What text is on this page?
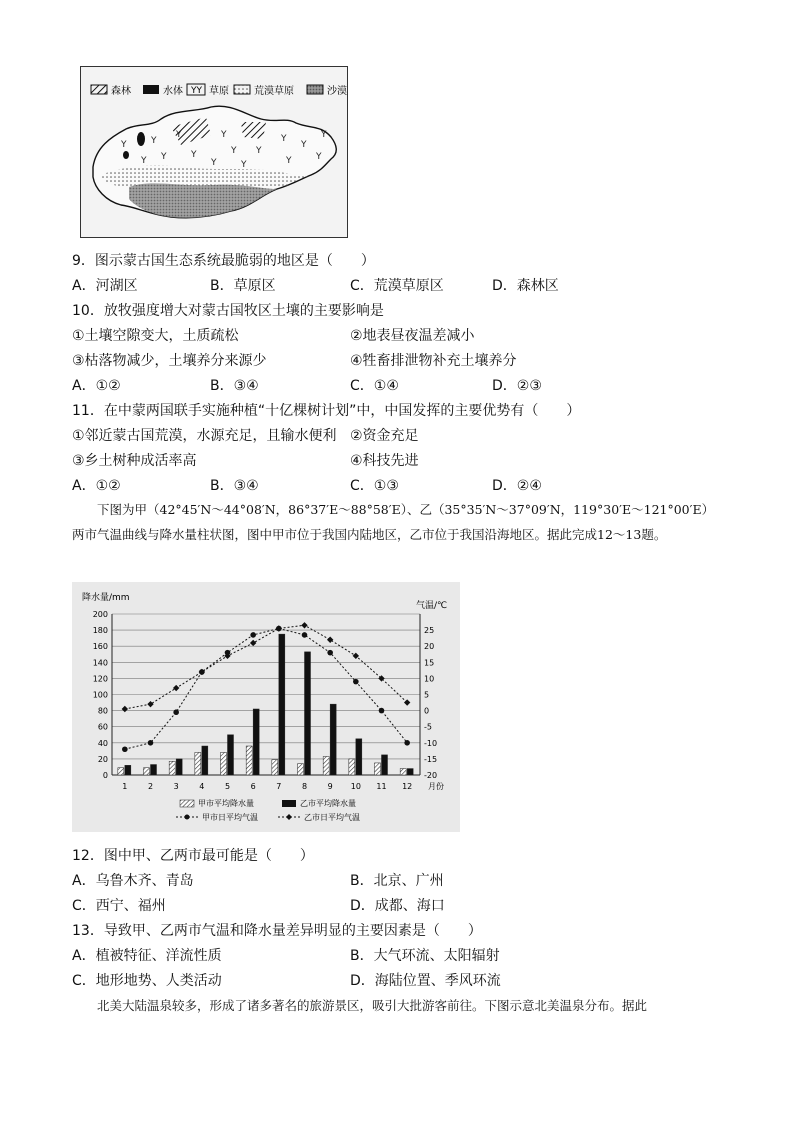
森林	水体 YY 草原	荒漠草原	沙漠
Y	Y
Y	Y
Y
Y Y
Y
Y
Y
Y
Y
Y
Y	Y
Y
9．图示蒙古国生态系统最脆弱的地区是（　　）
A．河湖区	B．草原区	C．荒漠草原区	D．森林区
10．放牧强度增大对蒙古国牧区土壤的主要影响是
①土壤空隙变大，土质疏松	②地表昼夜温差减小
③枯落物减少，土壤养分来源少	④牲畜排泄物补充土壤养分
A．①②	B．③④	C．①④	D．②③
11．在中蒙两国联手实施种植“十亿棵树计划”中，中国发挥的主要优势有（　　）
①邻近蒙古国荒漠，水源充足，且输水便利 ②资金充足
③乡土树种成活率高	④科技先进
A．①②	B．③④	C．①③	D．②④
下图为甲（42°45′N～44°08′N，86°37′E～88°58′E）、乙（35°35′N～37°09′N，119°30′E～121°00′E）两市气温曲线与降水量柱状图，图中甲市位于我国内陆地区，乙市位于我国沿海地区。据此完成12～13题。
降水量/mm
气温/℃
月份
0
20
40
60
80
100
120
140
160
180
200
-20
-15
-10
-5
0
5
10
15
20
25
1	2	3	4	5	6	7	8	9 10 11 12
甲市平均降水量	乙市平均降水量
甲市日平均气温	乙市日平均气温
12．图中甲、乙两市最可能是（　　）
A．乌鲁木齐、青岛	B．北京、广州
C．西宁、福州	D．成都、海口
13．导致甲、乙两市气温和降水量差异明显的主要因素是（　　）
A．植被特征、洋流性质	B．大气环流、太阳辐射
C．地形地势、人类活动	D．海陆位置、季风环流
北美大陆温泉较多，形成了诸多著名的旅游景区，吸引大批游客前往。下图示意北美温泉分布。据此
